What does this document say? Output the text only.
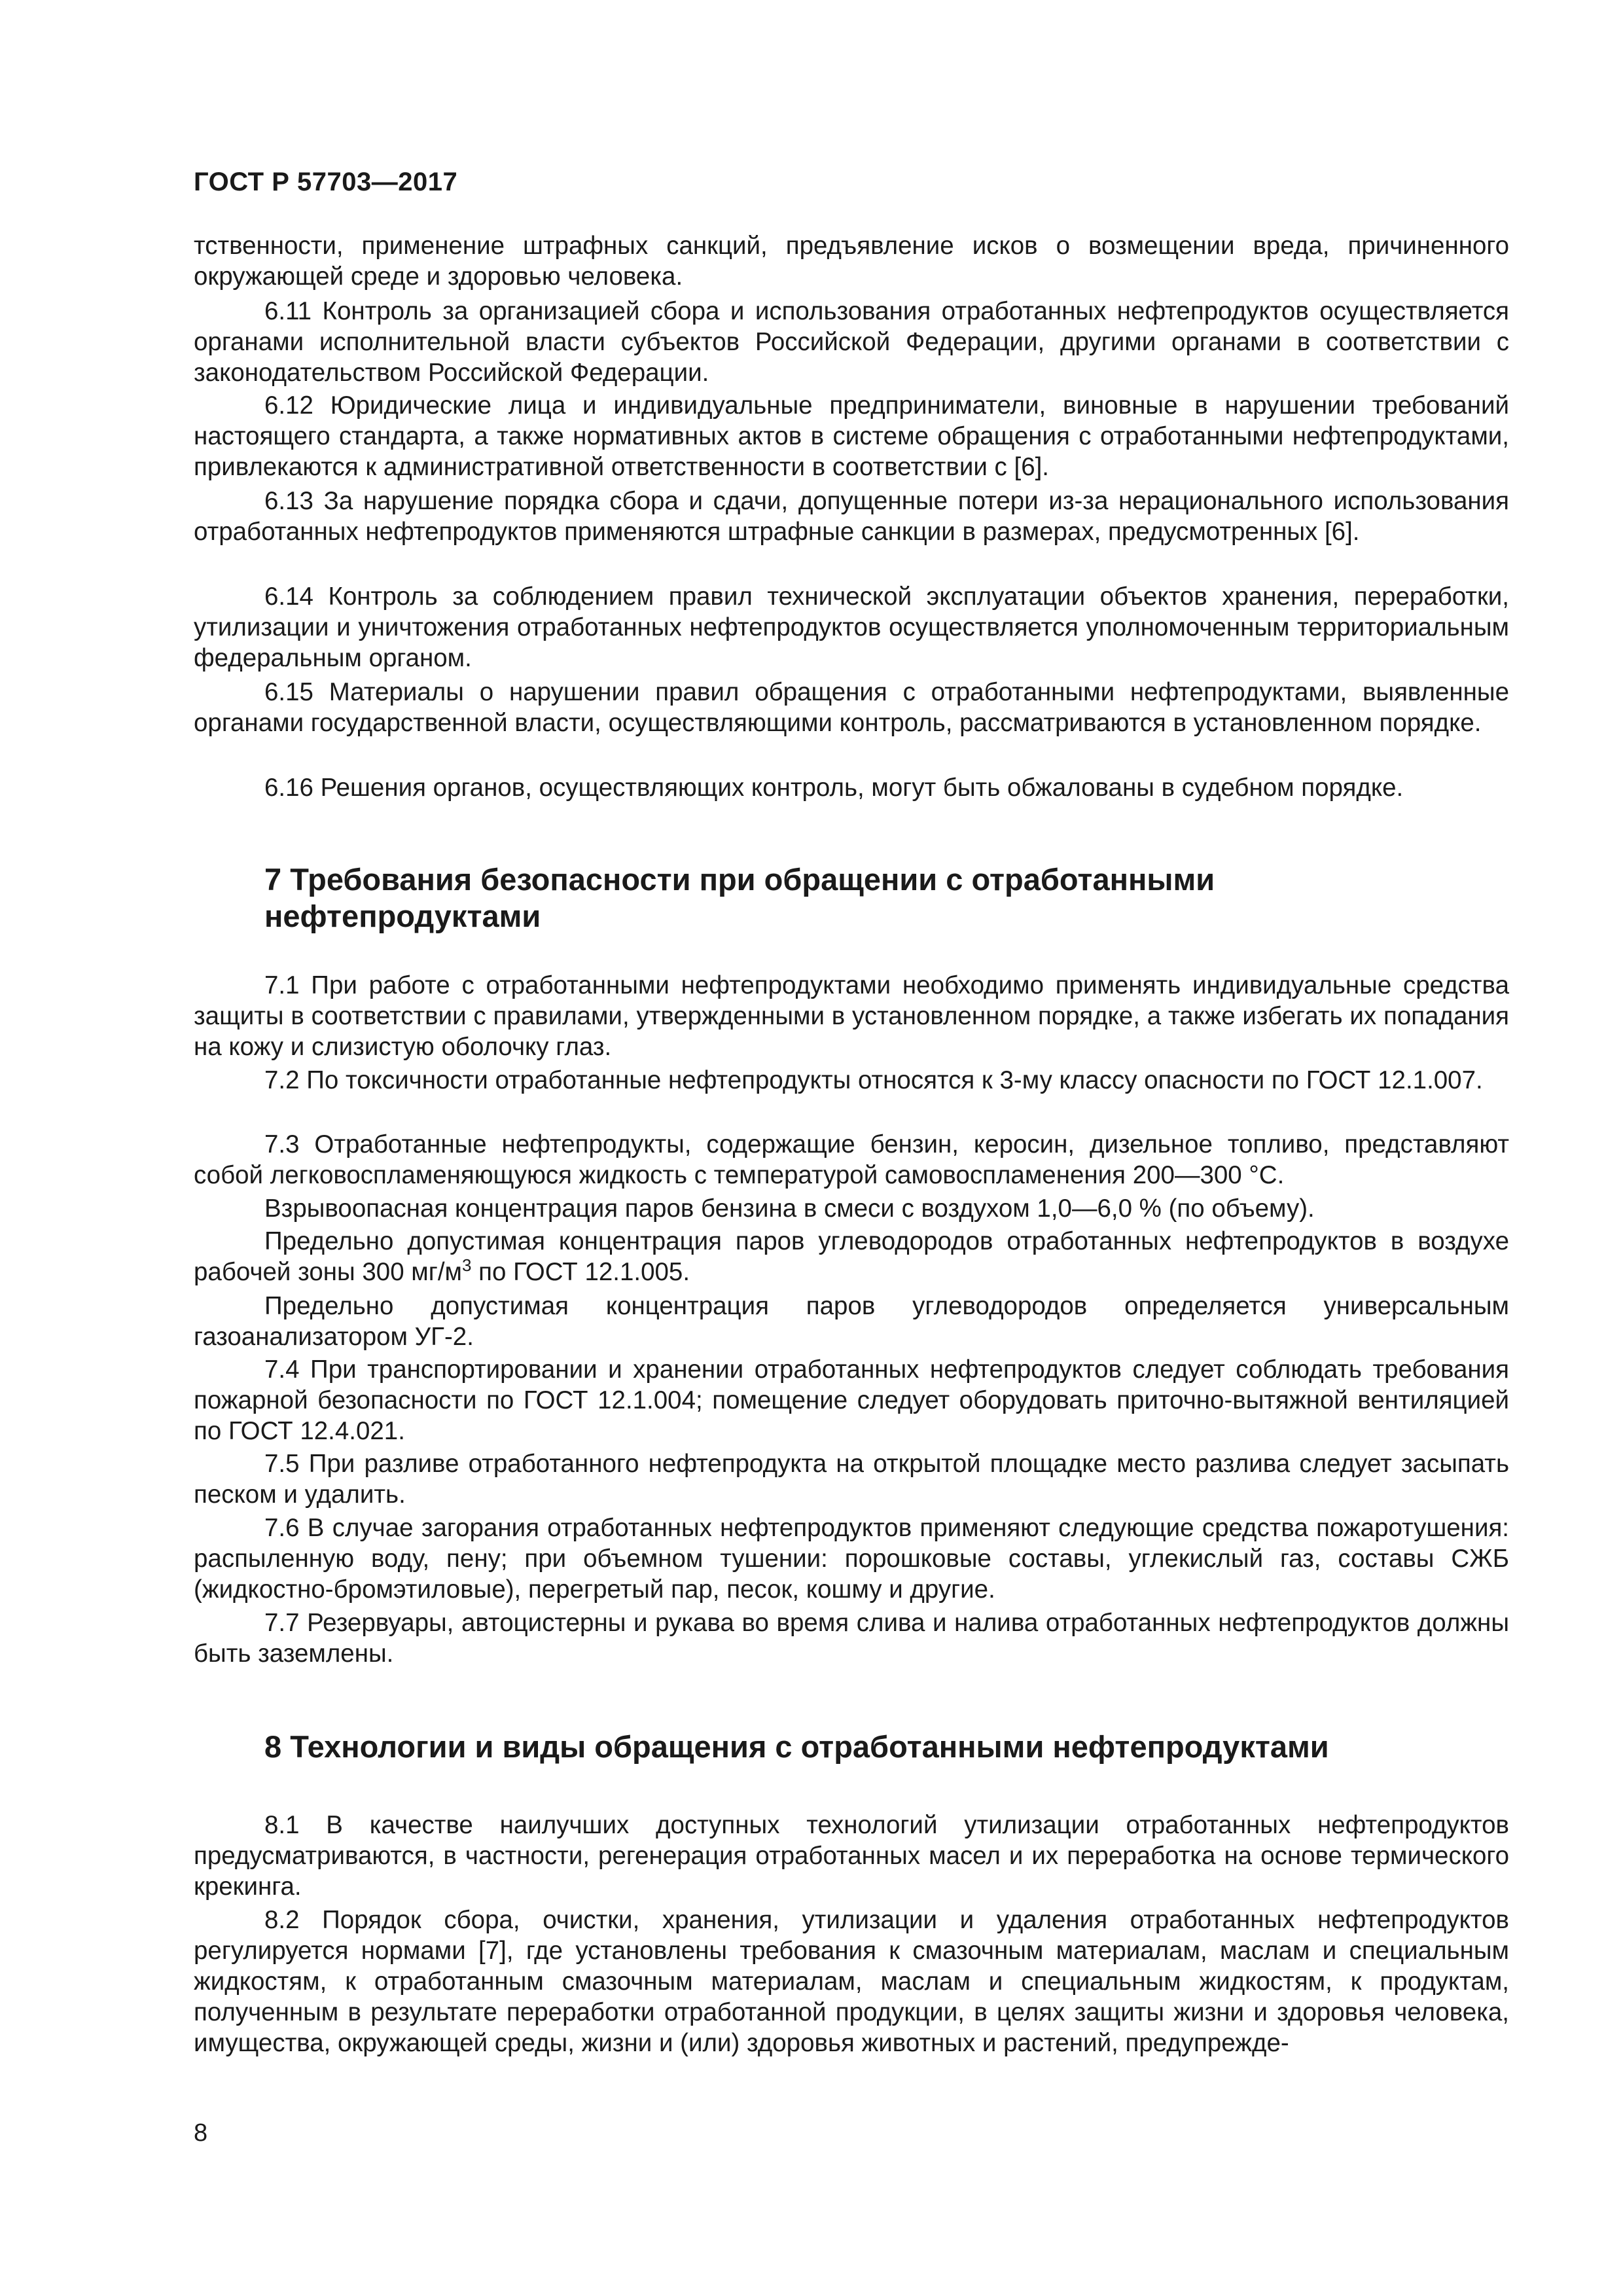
ГОСТ Р 57703—2017

тственности, применение штрафных санкций, предъявление исков о возмещении вреда, причиненного окружающей среде и здоровью человека.

6.11 Контроль за организацией сбора и использования отработанных нефтепродуктов осуществляется органами исполнительной власти субъектов Российской Федерации, другими органами в соответствии с законодательством Российской Федерации.

6.12 Юридические лица и индивидуальные предприниматели, виновные в нарушении требований настоящего стандарта, а также нормативных актов в системе обращения с отработанными нефтепродуктами, привлекаются к административной ответственности в соответствии с [6].

6.13 За нарушение порядка сбора и сдачи, допущенные потери из-за нерационального использования отработанных нефтепродуктов применяются штрафные санкции в размерах, предусмотренных [6].

6.14 Контроль за соблюдением правил технической эксплуатации объектов хранения, переработки, утилизации и уничтожения отработанных нефтепродуктов осуществляется уполномоченным территориальным федеральным органом.

6.15 Материалы о нарушении правил обращения с отработанными нефтепродуктами, выявленные органами государственной власти, осуществляющими контроль, рассматриваются в установленном порядке.

6.16 Решения органов, осуществляющих контроль, могут быть обжалованы в судебном порядке.

7 Требования безопасности при обращении с отработанными
нефтепродуктами

7.1 При работе с отработанными нефтепродуктами необходимо применять индивидуальные средства защиты в соответствии с правилами, утвержденными в установленном порядке, а также избегать их попадания на кожу и слизистую оболочку глаз.

7.2 По токсичности отработанные нефтепродукты относятся к 3-му классу опасности по ГОСТ 12.1.007.

7.3 Отработанные нефтепродукты, содержащие бензин, керосин, дизельное топливо, представляют собой легковоспламеняющуюся жидкость с температурой самовоспламенения 200—300 °С.

Взрывоопасная концентрация паров бензина в смеси с воздухом 1,0—6,0 % (по объему).

Предельно допустимая концентрация паров углеводородов отработанных нефтепродуктов в воздухе рабочей зоны 300 $мг/м^3$ по ГОСТ 12.1.005.

Предельно допустимая концентрация паров углеводородов определяется универсальным газоанализатором УГ-2.

7.4 При транспортировании и хранении отработанных нефтепродуктов следует соблюдать требования пожарной безопасности по ГОСТ 12.1.004; помещение следует оборудовать приточно-вытяжной вентиляцией по ГОСТ 12.4.021.

7.5 При разливе отработанного нефтепродукта на открытой площадке место разлива следует засыпать песком и удалить.

7.6 В случае загорания отработанных нефтепродуктов применяют следующие средства пожаротушения: распыленную воду, пену; при объемном тушении: порошковые составы, углекислый газ, составы СЖБ (жидкостно-бромэтиловые), перегретый пар, песок, кошму и другие.

7.7 Резервуары, автоцистерны и рукава во время слива и налива отработанных нефтепродуктов должны быть заземлены.

8 Технологии и виды обращения с отработанными нефтепродуктами

8.1 В качестве наилучших доступных технологий утилизации отработанных нефтепродуктов предусматриваются, в частности, регенерация отработанных масел и их переработка на основе термического крекинга.

8.2 Порядок сбора, очистки, хранения, утилизации и удаления отработанных нефтепродуктов регулируется нормами [7], где установлены требования к смазочным материалам, маслам и специальным жидкостям, к отработанным смазочным материалам, маслам и специальным жидкостям, к продуктам, полученным в результате переработки отработанной продукции, в целях защиты жизни и здоровья человека, имущества, окружающей среды, жизни и (или) здоровья животных и растений, предупрежде-

8
